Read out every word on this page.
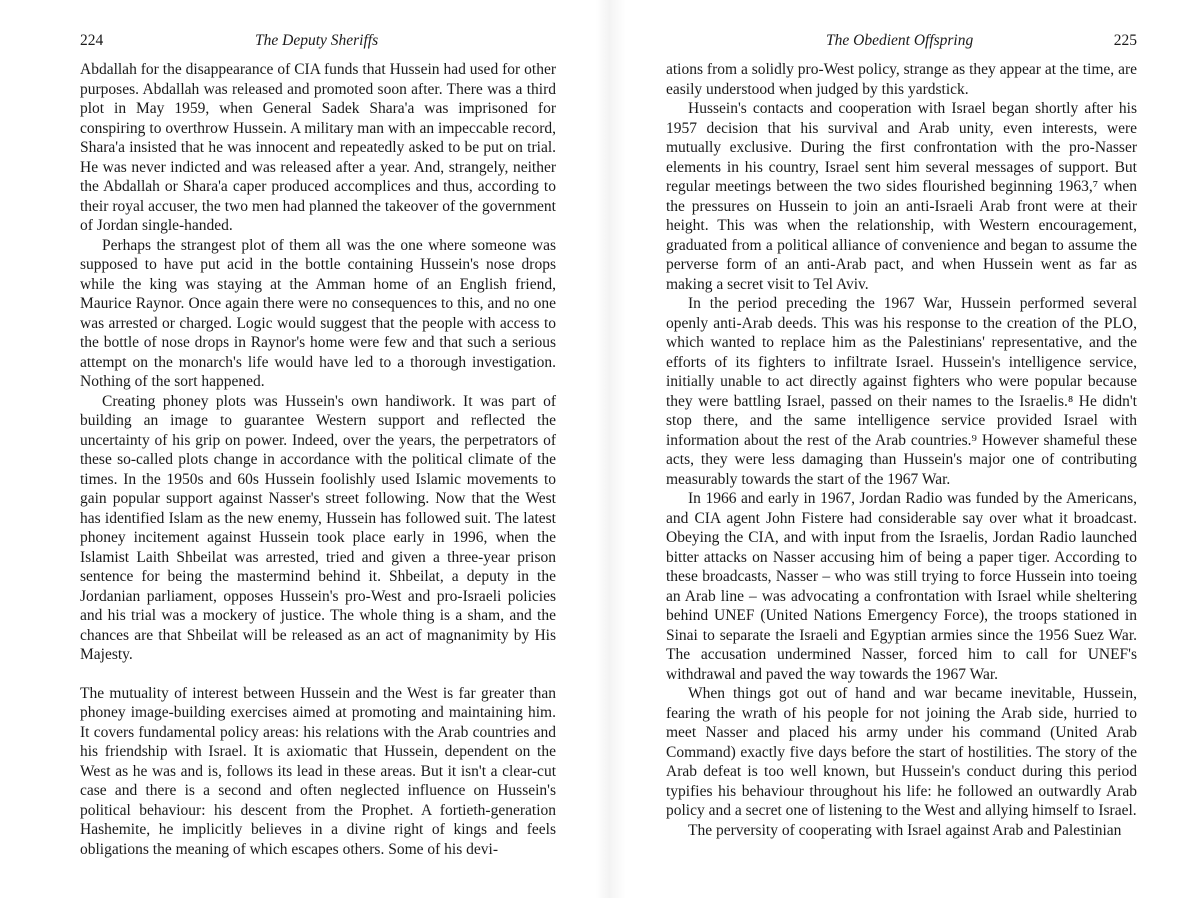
224	The Deputy Sheriffs

Abdallah for the disappearance of CIA funds that Hussein had used for other purposes. Abdallah was released and promoted soon after. There was a third plot in May 1959, when General Sadek Shara'a was imprisoned for conspiring to overthrow Hussein. A military man with an impeccable record, Shara'a insisted that he was innocent and repeatedly asked to be put on trial. He was never indicted and was released after a year. And, strangely, neither the Abdallah or Shara'a caper produced accomplices and thus, according to their royal accuser, the two men had planned the takeover of the government of Jordan single-handed.

Perhaps the strangest plot of them all was the one where someone was supposed to have put acid in the bottle containing Hussein's nose drops while the king was staying at the Amman home of an English friend, Maurice Raynor. Once again there were no consequences to this, and no one was arrested or charged. Logic would suggest that the people with access to the bottle of nose drops in Raynor's home were few and that such a serious attempt on the monarch's life would have led to a thorough investigation. Nothing of the sort happened.

Creating phoney plots was Hussein's own handiwork. It was part of building an image to guarantee Western support and reflected the uncertainty of his grip on power. Indeed, over the years, the perpetrators of these so-called plots change in accordance with the political climate of the times. In the 1950s and 60s Hussein foolishly used Islamic movements to gain popular support against Nasser's street following. Now that the West has identified Islam as the new enemy, Hussein has followed suit. The latest phoney incitement against Hussein took place early in 1996, when the Islamist Laith Shbeilat was arrested, tried and given a three-year prison sentence for being the mastermind behind it. Shbeilat, a deputy in the Jordanian parliament, opposes Hussein's pro-West and pro-Israeli policies and his trial was a mockery of justice. The whole thing is a sham, and the chances are that Shbeilat will be released as an act of magnanimity by His Majesty.

The mutuality of interest between Hussein and the West is far greater than phoney image-building exercises aimed at promoting and maintaining him. It covers fundamental policy areas: his relations with the Arab countries and his friendship with Israel. It is axiomatic that Hussein, dependent on the West as he was and is, follows its lead in these areas. But it isn't a clear-cut case and there is a second and often neglected influence on Hussein's political behaviour: his descent from the Prophet. A fortieth-generation Hashemite, he implicitly believes in a divine right of kings and feels obligations the meaning of which escapes others. Some of his devi-

The Obedient Offspring	225

ations from a solidly pro-West policy, strange as they appear at the time, are easily understood when judged by this yardstick.

Hussein's contacts and cooperation with Israel began shortly after his 1957 decision that his survival and Arab unity, even interests, were mutually exclusive. During the first confrontation with the pro-Nasser elements in his country, Israel sent him several messages of support. But regular meetings between the two sides flourished beginning 1963,⁷ when the pressures on Hussein to join an anti-Israeli Arab front were at their height. This was when the relationship, with Western encouragement, graduated from a political alliance of convenience and began to assume the perverse form of an anti-Arab pact, and when Hussein went as far as making a secret visit to Tel Aviv.

In the period preceding the 1967 War, Hussein performed several openly anti-Arab deeds. This was his response to the creation of the PLO, which wanted to replace him as the Palestinians' representative, and the efforts of its fighters to infiltrate Israel. Hussein's intelligence service, initially unable to act directly against fighters who were popular because they were battling Israel, passed on their names to the Israelis.⁸ He didn't stop there, and the same intelligence service provided Israel with information about the rest of the Arab countries.⁹ However shameful these acts, they were less damaging than Hussein's major one of contributing measurably towards the start of the 1967 War.

In 1966 and early in 1967, Jordan Radio was funded by the Americans, and CIA agent John Fistere had considerable say over what it broadcast. Obeying the CIA, and with input from the Israelis, Jordan Radio launched bitter attacks on Nasser accusing him of being a paper tiger. According to these broadcasts, Nasser – who was still trying to force Hussein into toeing an Arab line – was advocating a confrontation with Israel while sheltering behind UNEF (United Nations Emergency Force), the troops stationed in Sinai to separate the Israeli and Egyptian armies since the 1956 Suez War. The accusation undermined Nasser, forced him to call for UNEF's withdrawal and paved the way towards the 1967 War.

When things got out of hand and war became inevitable, Hussein, fearing the wrath of his people for not joining the Arab side, hurried to meet Nasser and placed his army under his command (United Arab Command) exactly five days before the start of hostilities. The story of the Arab defeat is too well known, but Hussein's conduct during this period typifies his behaviour throughout his life: he followed an outwardly Arab policy and a secret one of listening to the West and allying himself to Israel.

The perversity of cooperating with Israel against Arab and Palestinian
